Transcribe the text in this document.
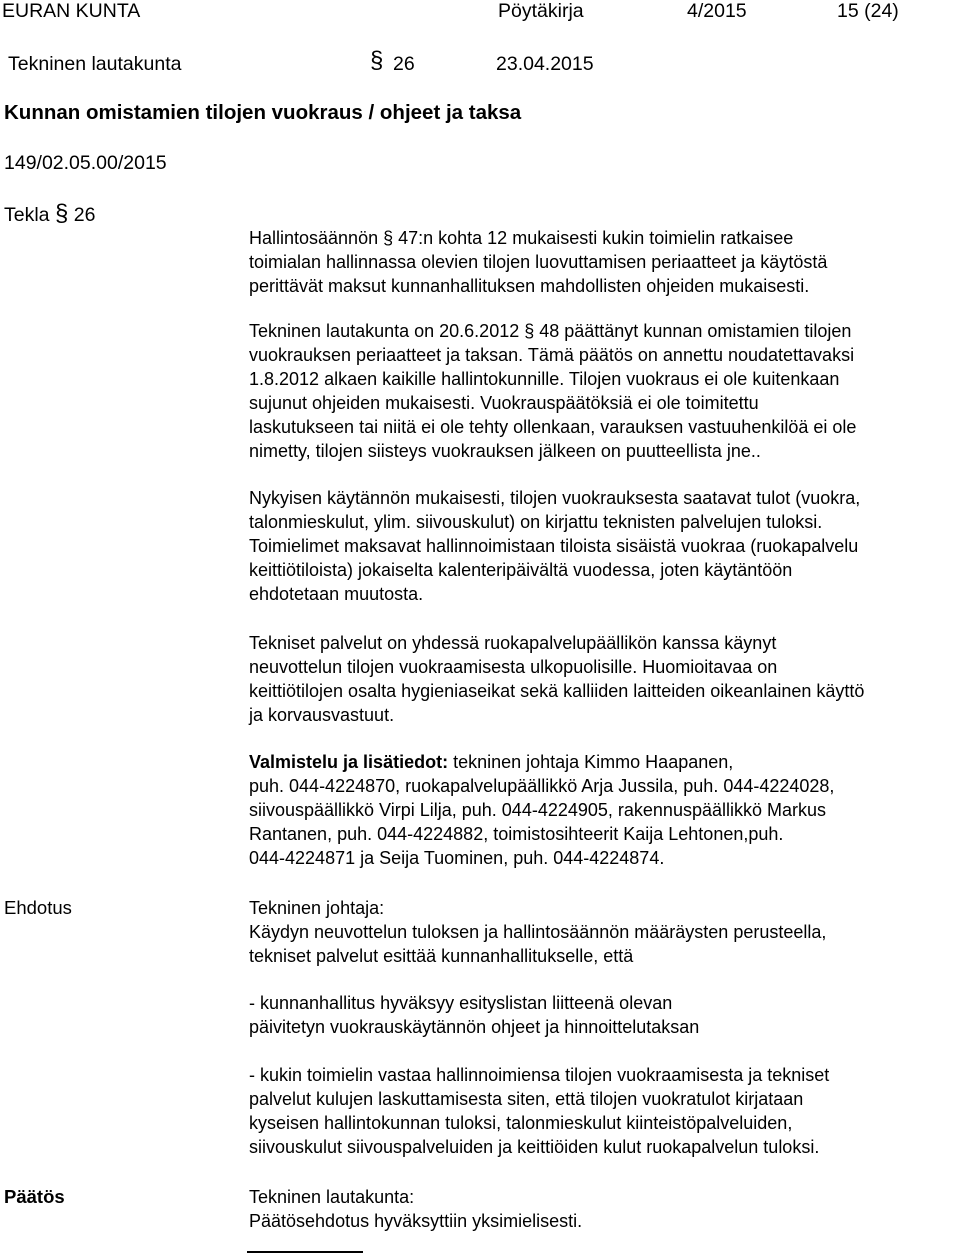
EURAN KUNTA	Pöytäkirja	4/2015	15 (24)
Tekninen lautakunta	§ 26	23.04.2015
Kunnan omistamien tilojen vuokraus / ohjeet ja taksa
149/02.05.00/2015
Tekla § 26
Hallintosäännön § 47:n kohta 12 mukaisesti kukin toimielin ratkaisee
toimialan hallinnassa olevien tilojen luovuttamisen periaatteet ja käytöstä
perittävät maksut kunnanhallituksen mahdollisten ohjeiden mukaisesti.
Tekninen lautakunta on 20.6.2012 § 48 päättänyt kunnan omistamien tilojen
vuokrauksen periaatteet ja taksan. Tämä päätös on annettu noudatettavaksi
1.8.2012 alkaen kaikille hallintokunnille. Tilojen vuokraus ei ole kuitenkaan
sujunut ohjeiden mukaisesti. Vuokrauspäätöksiä ei ole toimitettu
laskutukseen tai niitä ei ole tehty ollenkaan, varauksen vastuuhenkilöä ei ole
nimetty, tilojen siisteys vuokrauksen jälkeen on puutteellista jne..
Nykyisen käytännön mukaisesti, tilojen vuokrauksesta saatavat tulot (vuokra,
talonmieskulut, ylim. siivouskulut) on kirjattu teknisten palvelujen tuloksi.
Toimielimet maksavat hallinnoimistaan tiloista sisäistä vuokraa (ruokapalvelu
keittiötiloista) jokaiselta kalenteripäivältä vuodessa, joten käytäntöön
ehdotetaan muutosta.
Tekniset palvelut on yhdessä ruokapalvelupäällikön kanssa käynyt
neuvottelun tilojen vuokraamisesta ulkopuolisille. Huomioitavaa on
keittiötilojen osalta hygieniaseikat sekä kalliiden laitteiden oikeanlainen käyttö
ja korvausvastuut.
Valmistelu ja lisätiedot: tekninen johtaja Kimmo Haapanen,
puh. 044-4224870, ruokapalvelupäällikkö Arja Jussila, puh. 044-4224028,
siivouspäällikkö Virpi Lilja, puh. 044-4224905, rakennuspäällikkö Markus
Rantanen, puh. 044-4224882, toimistosihteerit Kaija Lehtonen,puh.
044-4224871 ja Seija Tuominen, puh. 044-4224874.
Ehdotus	Tekninen johtaja:
Käydyn neuvottelun tuloksen ja hallintosäännön määräysten perusteella,
tekniset palvelut esittää kunnanhallitukselle, että
- kunnanhallitus hyväksyy esityslistan liitteenä olevan
päivitetyn vuokrauskäytännön ohjeet ja hinnoittelutaksan
- kukin toimielin vastaa hallinnoimiensa tilojen vuokraamisesta ja tekniset
palvelut kulujen laskuttamisesta siten, että tilojen vuokratulot kirjataan
kyseisen hallintokunnan tuloksi, talonmieskulut kiinteistöpalveluiden,
siivouskulut siivouspalveluiden ja keittiöiden kulut ruokapalvelun tuloksi.
Päätös	Tekninen lautakunta:
Päätösehdotus hyväksyttiin yksimielisesti.
